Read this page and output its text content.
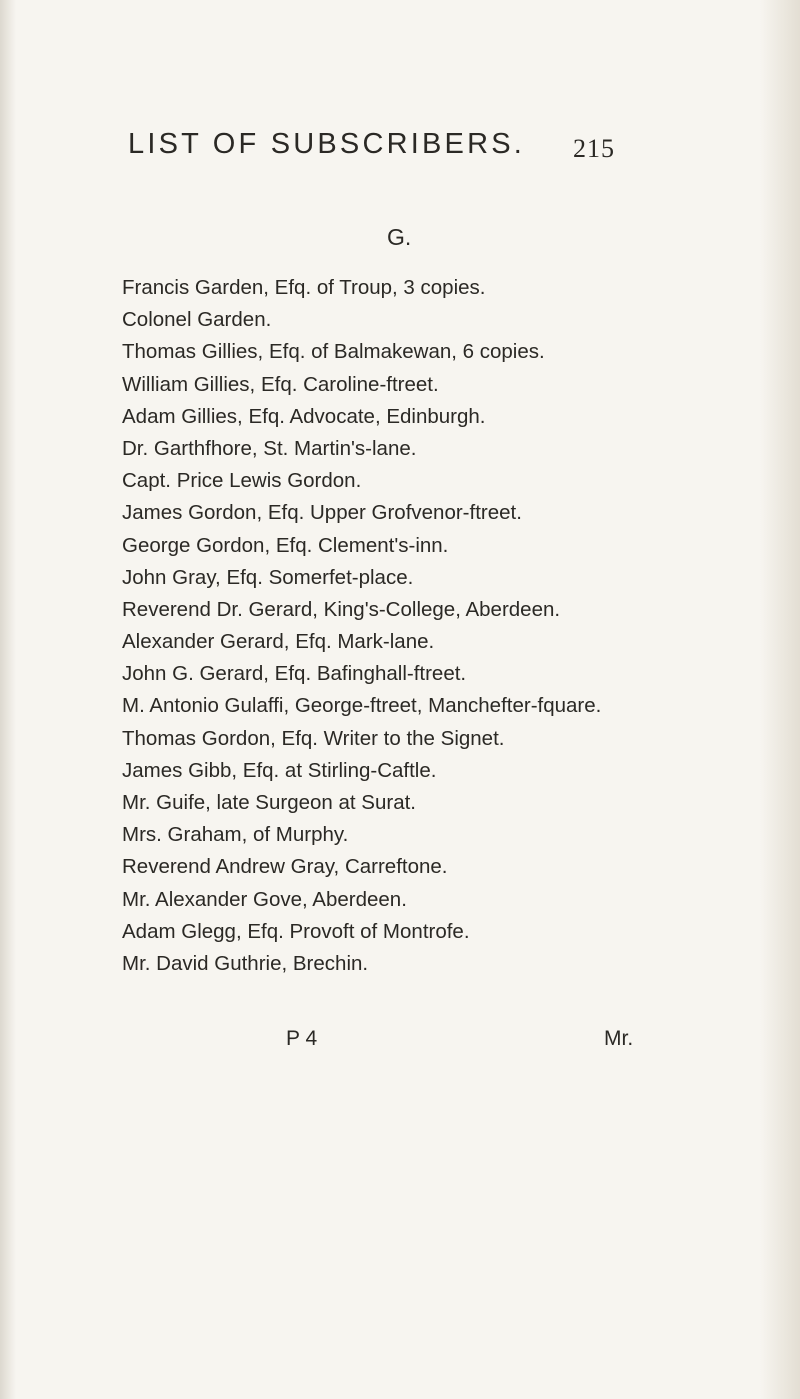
LIST OF SUBSCRIBERS.	215
G.
Francis Garden, Efq. of Troup, 3 copies.
Colonel Garden.
Thomas Gillies, Efq. of Balmakewan, 6 copies.
William Gillies, Efq. Caroline-ftreet.
Adam Gillies, Efq. Advocate, Edinburgh.
Dr. Garthfhore, St. Martin's-lane.
Capt. Price Lewis Gordon.
James Gordon, Efq. Upper Grofvenor-ftreet.
George Gordon, Efq. Clement's-inn.
John Gray, Efq. Somerfet-place.
Reverend Dr. Gerard, King's-College, Aberdeen.
Alexander Gerard, Efq. Mark-lane.
John G. Gerard, Efq. Bafinghall-ftreet.
M. Antonio Gulaffi, George-ftreet, Manchefter-fquare.
Thomas Gordon, Efq. Writer to the Signet.
James Gibb, Efq. at Stirling-Caftle.
Mr. Guife, late Surgeon at Surat.
Mrs. Graham, of Murphy.
Reverend Andrew Gray, Carreftone.
Mr. Alexander Gove, Aberdeen.
Adam Glegg, Efq. Provoft of Montrofe.
Mr. David Guthrie, Brechin.
P 4	Mr.
